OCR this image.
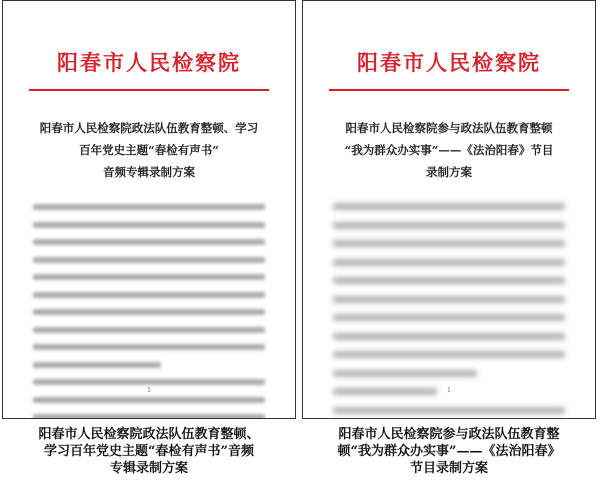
阳春市人民检察院
阳春市人民检察院政法队伍教育整顿、学习
百年党史主题“春检有声书”
音频专辑录制方案
1
阳春市人民检察院
阳春市人民检察院参与政法队伍教育整顿
“我为群众办实事”——《法治阳春》节目
录制方案
1
阳春市人民检察院政法队伍教育整顿、
学习百年党史主题“春检有声书”音频
专辑录制方案
阳春市人民检察院参与政法队伍教育整
顿“我为群众办实事”——《法治阳春》
节目录制方案
